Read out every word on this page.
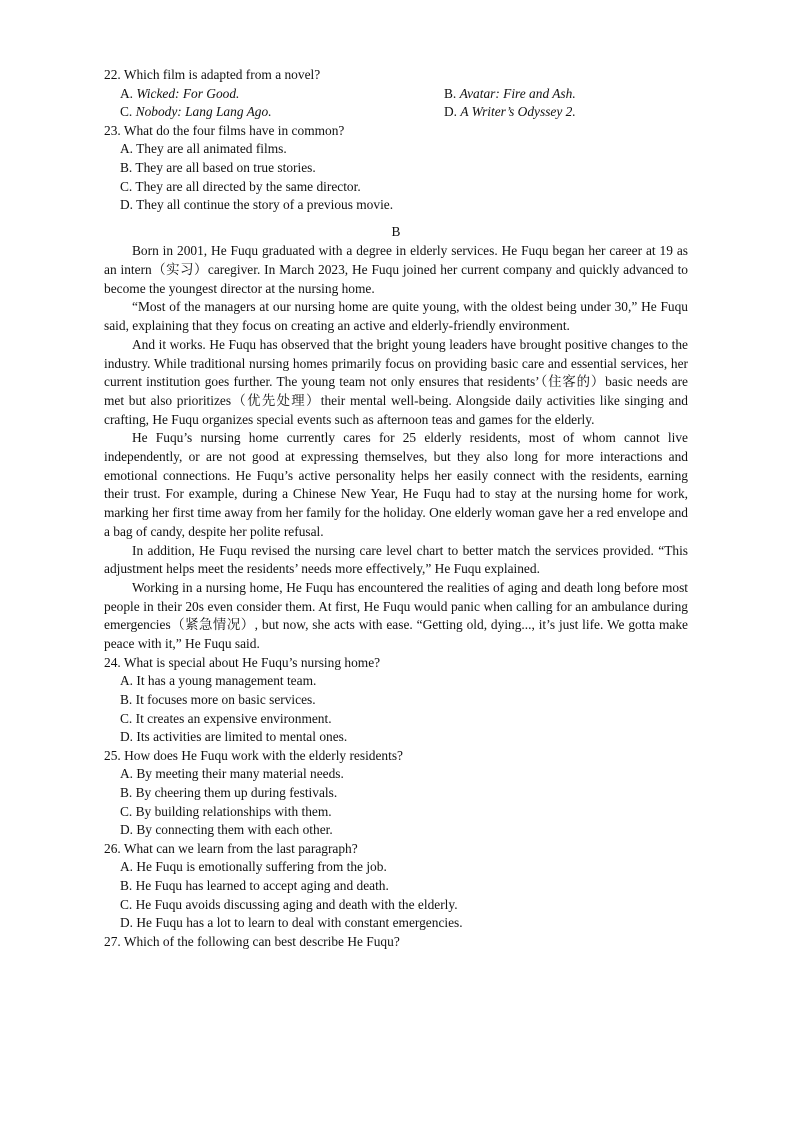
22. Which film is adapted from a novel?
A. Wicked: For Good.	B. Avatar: Fire and Ash.
C. Nobody: Lang Lang Ago.	D. A Writer’s Odyssey 2.
23. What do the four films have in common?
A. They are all animated films.
B. They are all based on true stories.
C. They are all directed by the same director.
D. They all continue the story of a previous movie.
B

Born in 2001, He Fuqu graduated with a degree in elderly services. He Fuqu began her career at 19 as an intern（实习）caregiver. In March 2023, He Fuqu joined her current company and quickly advanced to become the youngest director at the nursing home.

“Most of the managers at our nursing home are quite young, with the oldest being under 30,” He Fuqu said, explaining that they focus on creating an active and elderly-friendly environment.

And it works. He Fuqu has observed that the bright young leaders have brought positive changes to the industry. While traditional nursing homes primarily focus on providing basic care and essential services, her current institution goes further. The young team not only ensures that residents’（住客的）basic needs are met but also prioritizes（优先处理）their mental well-being. Alongside daily activities like singing and crafting, He Fuqu organizes special events such as afternoon teas and games for the elderly.

He Fuqu’s nursing home currently cares for 25 elderly residents, most of whom cannot live independently, or are not good at expressing themselves, but they also long for more interactions and emotional connections. He Fuqu’s active personality helps her easily connect with the residents, earning their trust. For example, during a Chinese New Year, He Fuqu had to stay at the nursing home for work, marking her first time away from her family for the holiday. One elderly woman gave her a red envelope and a bag of candy, despite her polite refusal.

In addition, He Fuqu revised the nursing care level chart to better match the services provided. “This adjustment helps meet the residents’ needs more effectively,” He Fuqu explained.

Working in a nursing home, He Fuqu has encountered the realities of aging and death long before most people in their 20s even consider them. At first, He Fuqu would panic when calling for an ambulance during emergencies（紧急情况）, but now, she acts with ease. “Getting old, dying..., it’s just life. We gotta make peace with it,” He Fuqu said.

24. What is special about He Fuqu’s nursing home?
A. It has a young management team.
B. It focuses more on basic services.
C. It creates an expensive environment.
D. Its activities are limited to mental ones.
25. How does He Fuqu work with the elderly residents?
A. By meeting their many material needs.
B. By cheering them up during festivals.
C. By building relationships with them.
D. By connecting them with each other.
26. What can we learn from the last paragraph?
A. He Fuqu is emotionally suffering from the job.
B. He Fuqu has learned to accept aging and death.
C. He Fuqu avoids discussing aging and death with the elderly.
D. He Fuqu has a lot to learn to deal with constant emergencies.
27. Which of the following can best describe He Fuqu?
